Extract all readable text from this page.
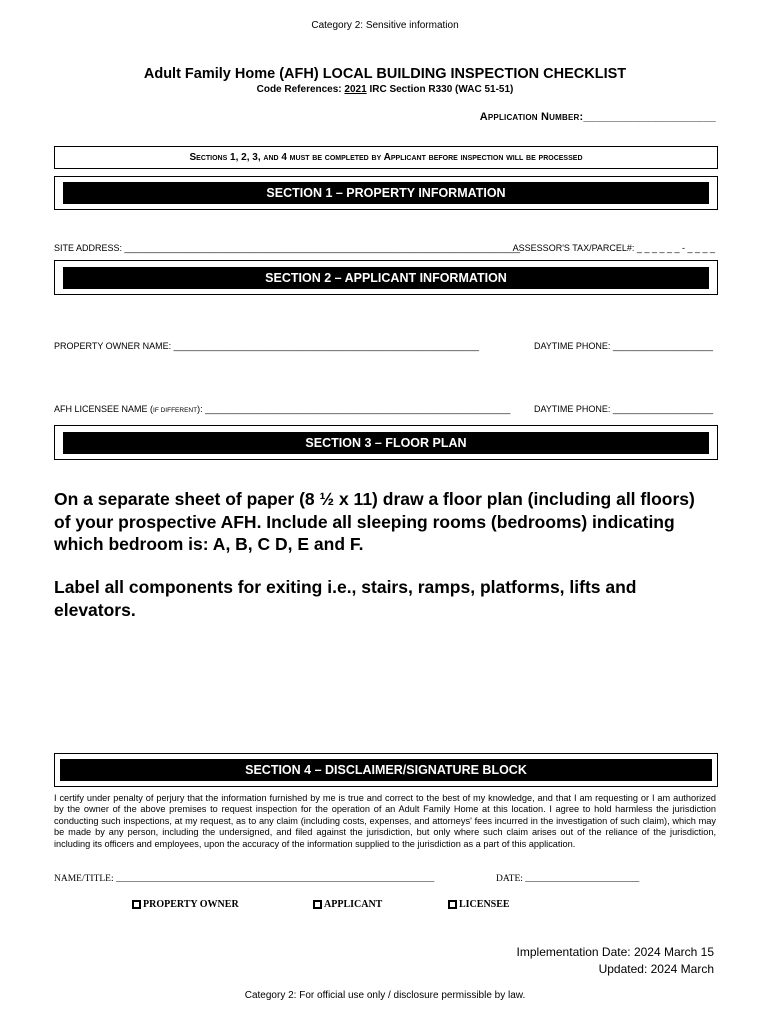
Category 2: Sensitive information
Adult Family Home (AFH) LOCAL BUILDING INSPECTION CHECKLIST
Code References: 2021 IRC Section R330 (WAC 51-51)
Application Number:_____________________
Sections 1, 2, 3, and 4 must be completed by Applicant before inspection will be processed
SECTION 1 – PROPERTY INFORMATION
SITE ADDRESS: _______________________________________________________________________________
ASSESSOR'S TAX/PARCEL#: _ _ _ _ _ _ - _ _ _ _
SECTION 2 – APPLICANT INFORMATION
PROPERTY OWNER NAME: _____________________________________________________________	DAYTIME PHONE: ____________________
AFH LICENSEE NAME (IF DIFFERENT): _____________________________________________________________	DAYTIME PHONE: ____________________
SECTION 3 – FLOOR PLAN
On a separate sheet of paper (8 ½ x 11) draw a floor plan (including all floors) of your prospective AFH. Include all sleeping rooms (bedrooms) indicating which bedroom is: A, B, C D, E and F.
Label all components for exiting i.e., stairs, ramps, platforms, lifts and elevators.
SECTION 4 – DISCLAIMER/SIGNATURE BLOCK
I certify under penalty of perjury that the information furnished by me is true and correct to the best of my knowledge, and that I am requesting or I am authorized by the owner of the above premises to request inspection for the operation of an Adult Family Home at this location. I agree to hold harmless the jurisdiction conducting such inspections, at my request, as to any claim (including costs, expenses, and attorneys' fees incurred in the investigation of such claim), which may be made by any person, including the undersigned, and filed against the jurisdiction, but only where such claim arises out of the reliance of the jurisdiction, including its officers and employees, upon the accuracy of the information supplied to the jurisdiction as a part of this application.
NAME/TITLE: ___________________________________________________________________	DATE: ________________________
PROPERTY OWNER	APPLICANT	LICENSEE
Implementation Date: 2024 March 15
Updated: 2024 March
Category 2: For official use only / disclosure permissible by law.
